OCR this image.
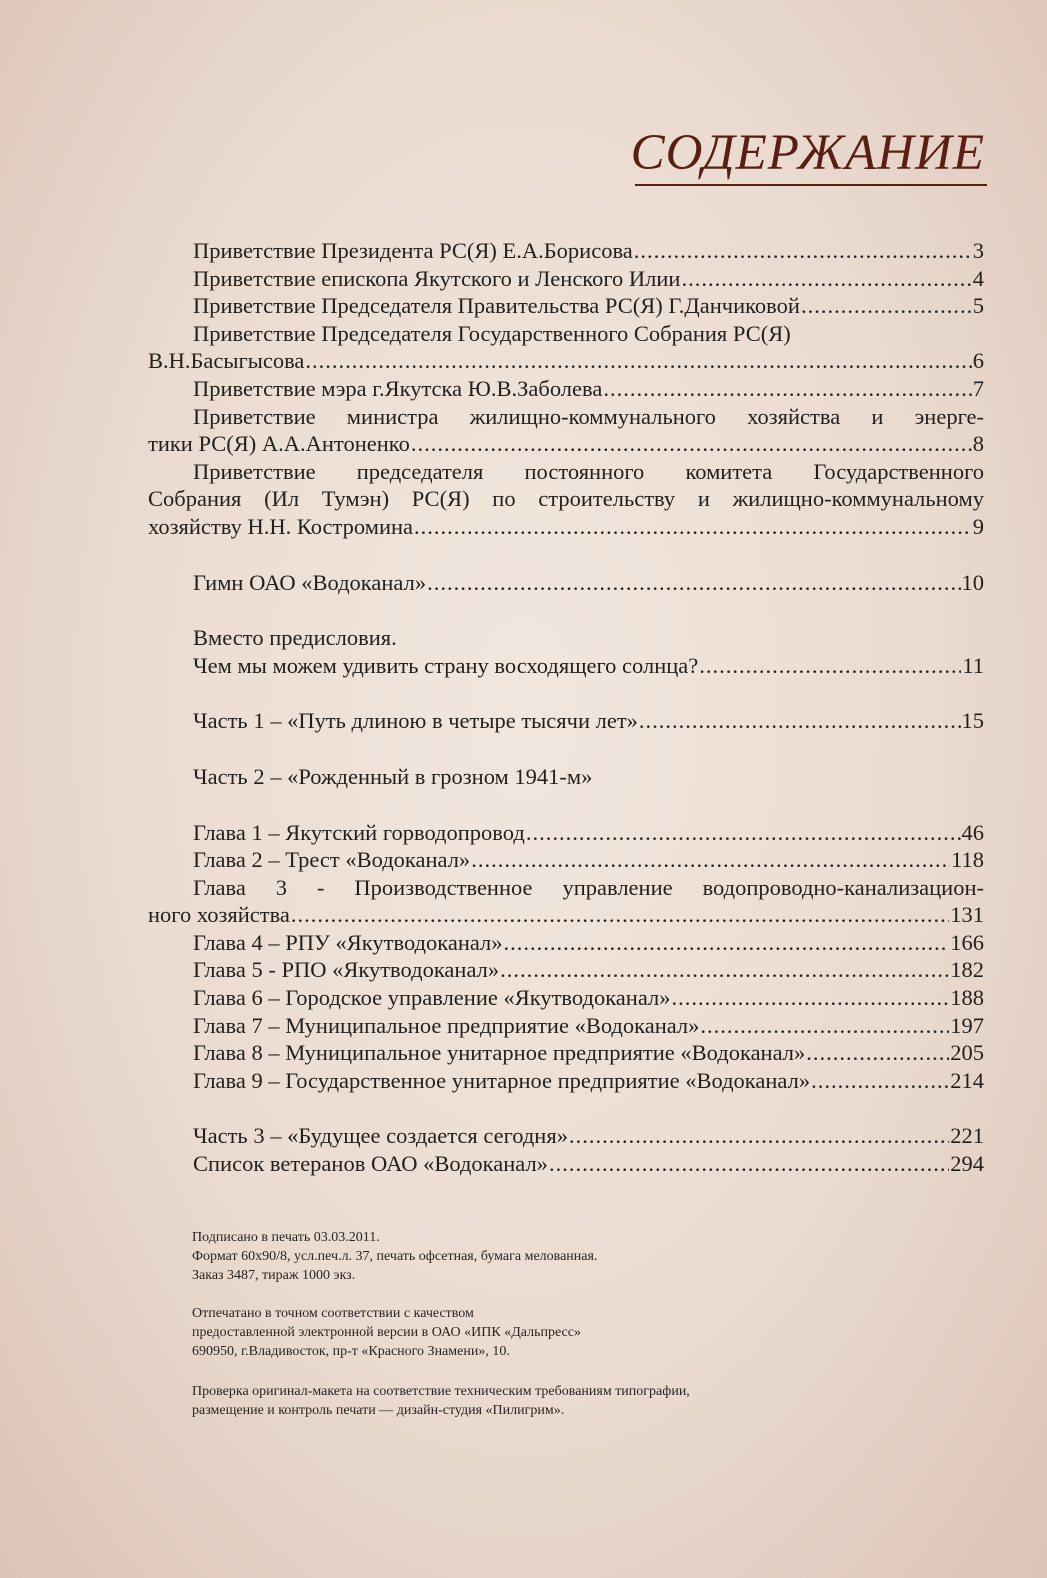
СОДЕРЖАНИЕ
Приветствие Президента РС(Я) Е.А.Борисова .....	3
Приветствие епископа Якутского и Ленского Илии .....	4
Приветствие Председателя Правительства РС(Я) Г.Данчиковой .....	5
Приветствие Председателя Государственного Собрания РС(Я)
В.Н.Басыгысова .....	6
Приветствие мэра г.Якутска Ю.В.Заболева .....	7
Приветствие министра жилищно-коммунального хозяйства и энерге-
тики РС(Я) А.А.Антоненко .....	8
Приветствие председателя постоянного комитета Государственного
Собрания (Ил Тумэн) РС(Я) по строительству и жилищно-коммунальному
хозяйству Н.Н. Костромина .....	9
Гимн ОАО «Водоканал» .....	10
Вместо предисловия.
Чем мы можем удивить страну восходящего солнца? .....	11
Часть 1 – «Путь длиною в четыре тысячи лет» .....	15
Часть 2 – «Рожденный в грозном 1941-м»
Глава 1 – Якутский горводопровод .....	46
Глава 2 – Трест «Водоканал» .....	118
Глава 3 - Производственное управление водопроводно-канализацион-
ного хозяйства .....	131
Глава 4 – РПУ «Якутводоканал» .....	166
Глава 5 - РПО «Якутводоканал» .....	182
Глава 6 – Городское управление «Якутводоканал» .....	188
Глава 7 – Муниципальное предприятие «Водоканал» .....	197
Глава 8 – Муниципальное унитарное предприятие «Водоканал» .....	205
Глава 9 – Государственное унитарное предприятие «Водоканал» .....	214
Часть 3 – «Будущее создается сегодня» .....	221
Список ветеранов ОАО «Водоканал» .....	294
Подписано в печать 03.03.2011.
Формат 60х90/8, усл.печ.л. 37, печать офсетная, бумага мелованная.
Заказ 3487, тираж 1000 экз.
Отпечатано в точном соответствии с качеством
предоставленной электронной версии в ОАО «ИПК «Дальпресс»
690950, г.Владивосток, пр-т «Красного Знамени», 10.
Проверка оригинал-макета на соответствие техническим требованиям типографии,
размещение и контроль печати — дизайн-студия «Пилигрим».
